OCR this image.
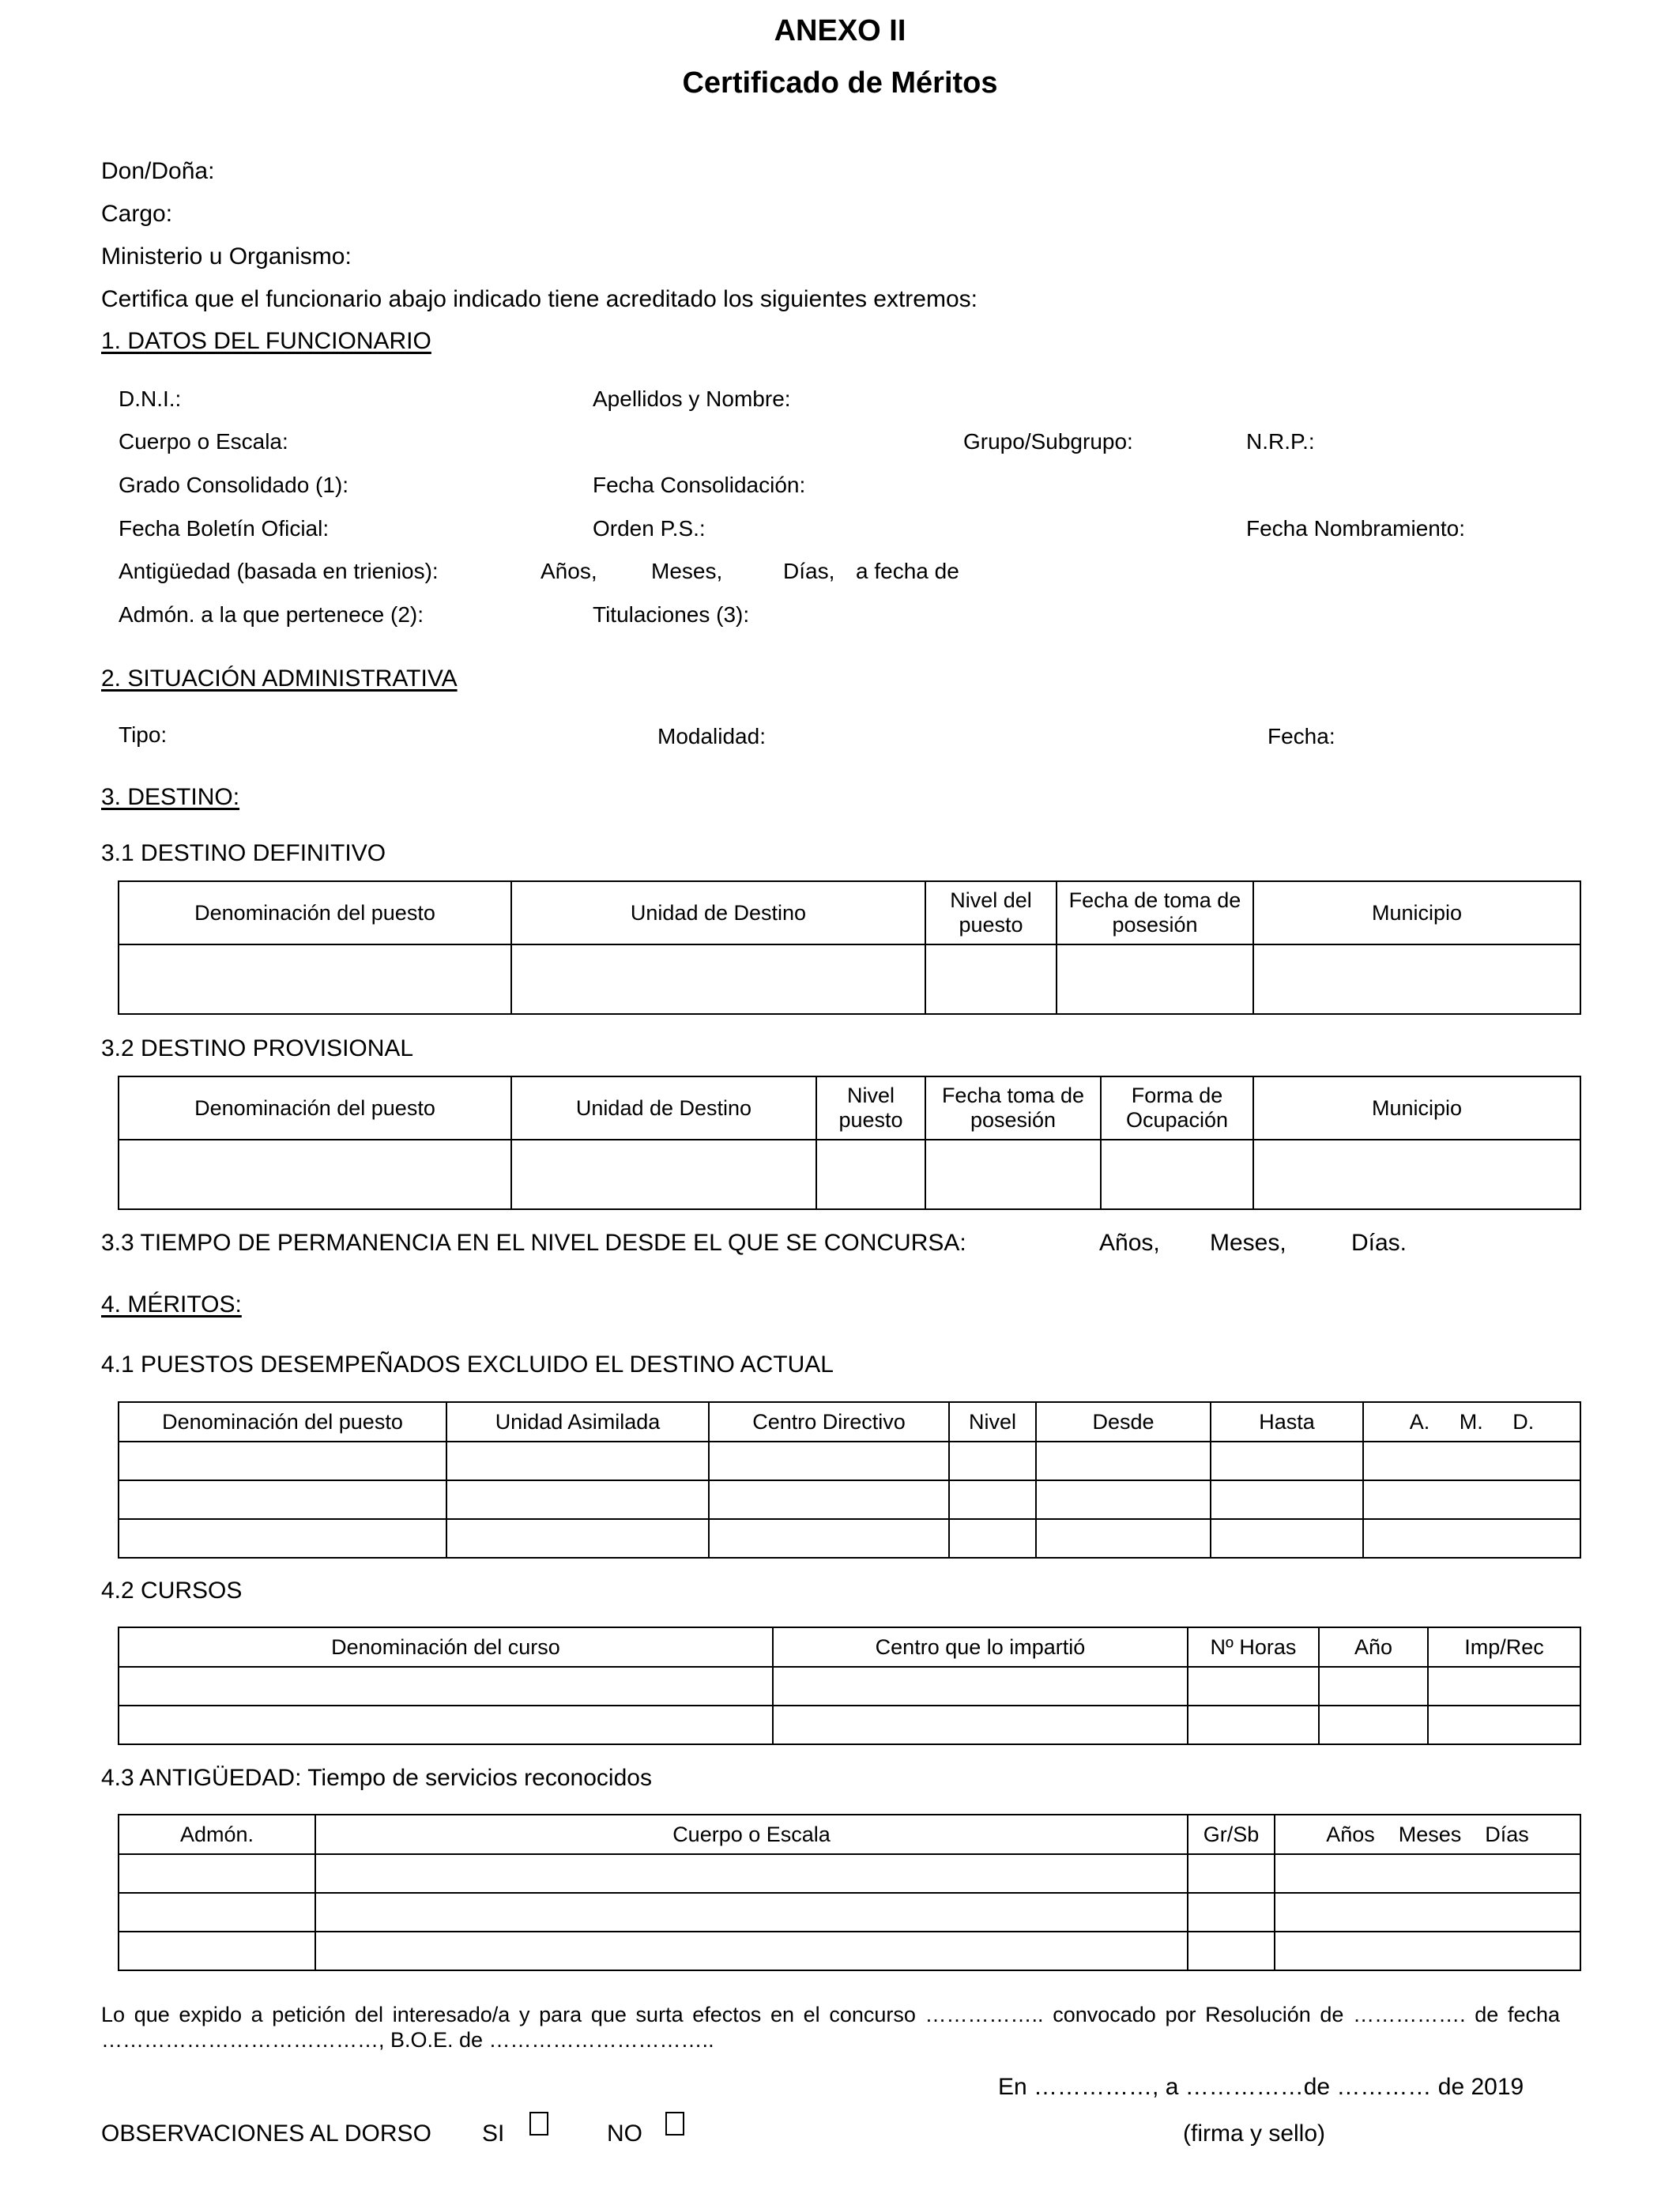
ANEXO II
Certificado de Méritos
Don/Doña:
Cargo:
Ministerio u Organismo:
Certifica que el funcionario abajo indicado tiene acreditado los siguientes extremos:
1. DATOS DEL FUNCIONARIO
D.N.I.:	Apellidos y Nombre:
Cuerpo o Escala:	Grupo/Subgrupo:	N.R.P.:
Grado Consolidado (1):	Fecha Consolidación:
Fecha Boletín Oficial:	Orden P.S.:	Fecha Nombramiento:
Antigüedad (basada en trienios):	Años, Meses,	Días, a fecha de
Admón. a la que pertenece (2):	Titulaciones (3):
2. SITUACIÓN ADMINISTRATIVA
Tipo:	Modalidad:	Fecha:
3. DESTINO:
3.1 DESTINO DEFINITIVO
Denominación del puesto	Unidad de Destino	Nivel del puesto	Fecha de toma de posesión	Municipio

3.2 DESTINO PROVISIONAL
Denominación del puesto	Unidad de Destino	Nivel puesto	Fecha toma de posesión	Forma de Ocupación	Municipio

3.3 TIEMPO DE PERMANENCIA EN EL NIVEL DESDE EL QUE SE CONCURSA:	Años, Meses,	Días.
4. MÉRITOS:
4.1 PUESTOS DESEMPEÑADOS EXCLUIDO EL DESTINO ACTUAL
Denominación del puesto	Unidad Asimilada	Centro Directivo	Nivel	Desde	Hasta	A.     M.     D.

4.2 CURSOS
Denominación del curso	Centro que lo impartió	Nº Horas	Año	Imp/Rec

4.3 ANTIGÜEDAD: Tiempo de servicios reconocidos
Admón.	Cuerpo o Escala	Gr/Sb	Años    Meses    Días

Lo que expido a petición del interesado/a y para que surta efectos en el concurso …………….. convocado por Resolución de ……………. de fecha
…………………………………, B.O.E. de …………………………..
En ……………, a ……………de ………… de 2019
OBSERVACIONES AL DORSO SI	NO	(firma y sello)
